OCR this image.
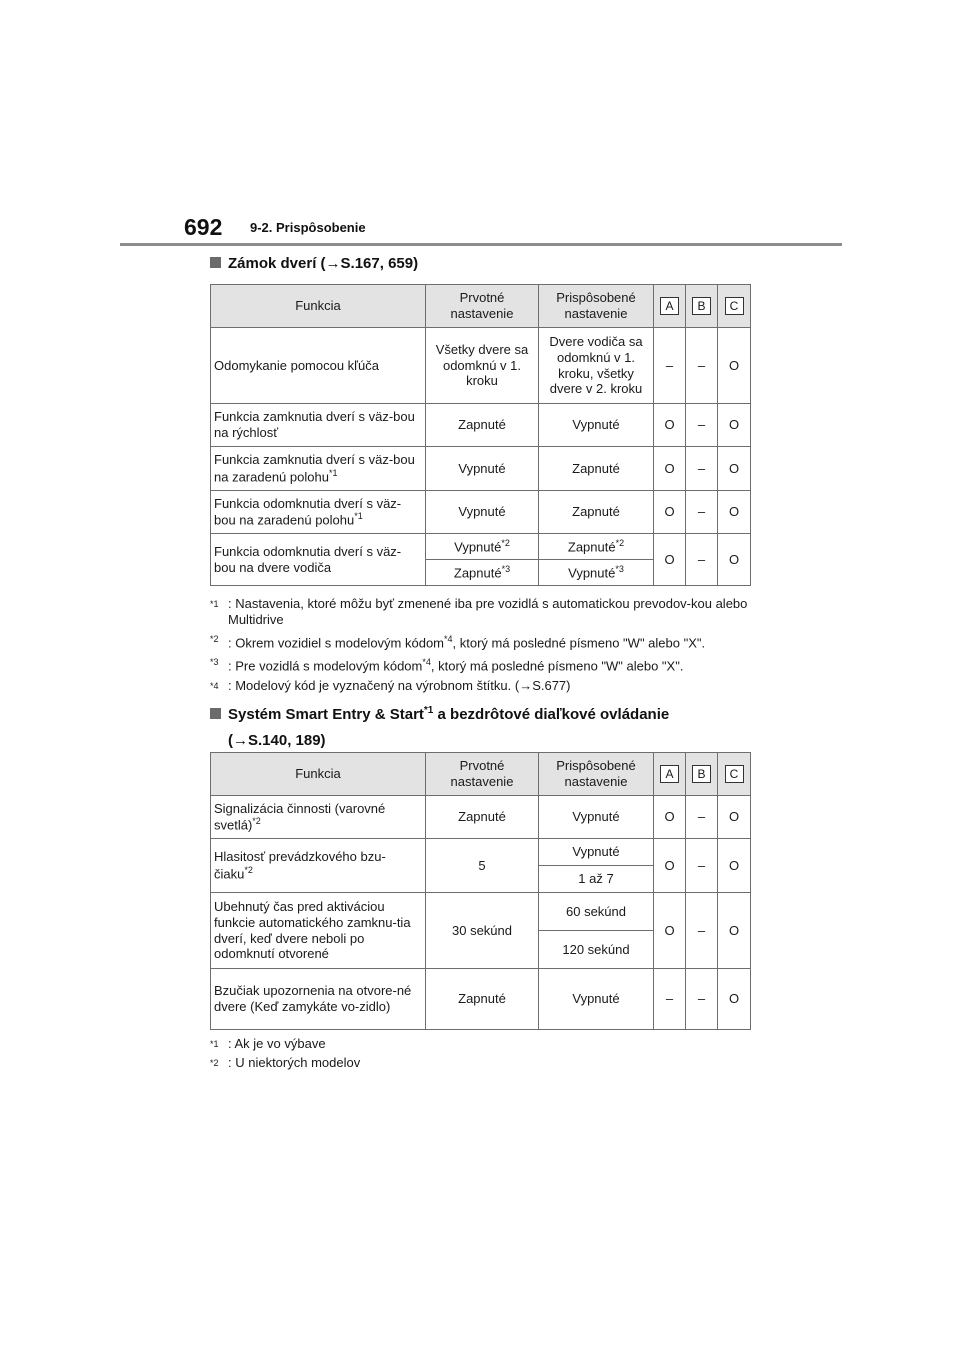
692 9-2. Prispôsobenie
Zámok dverí (→S.167, 659)
Funkcia	Prvotné nastavenie	Prispôsobené nastavenie	A	B	C
Odomykanie pomocou kľúča	Všetky dvere sa odomknú v 1. kroku	Dvere vodiča sa odomknú v 1. kroku, všetky dvere v 2. kroku	–	–	O
Funkcia zamknutia dverí s väz-bou na rýchlosť	Zapnuté	Vypnuté	O	–	O
Funkcia zamknutia dverí s väz-bou na zaradenú polohu$^{*1}$	Vypnuté	Zapnuté	O	–	O
Funkcia odomknutia dverí s väz-bou na zaradenú polohu$^{*1}$	Vypnuté	Zapnuté	O	–	O
Funkcia odomknutia dverí s väz-bou na dvere vodiča	Vypnuté$^{*2}$	Zapnuté$^{*2}$	O	–	O
	Zapnuté$^{*3}$	Vypnuté$^{*3}$
$^{*1}$ : Nastavenia, ktoré môžu byť zmenené iba pre vozidlá s automatickou prevodov-kou alebo Multidrive
$^{*2}$ : Okrem vozidiel s modelovým kódom$^{*4}$, ktorý má posledné písmeno "W" alebo "X".
$^{*3}$ : Pre vozidlá s modelovým kódom$^{*4}$, ktorý má posledné písmeno "W" alebo "X".
$^{*4}$ : Modelový kód je vyznačený na výrobnom štítku. (→S.677)
Systém Smart Entry & Start$^{*1}$ a bezdrôtové diaľkové ovládanie
(→S.140, 189)
Funkcia	Prvotné nastavenie	Prispôsobené nastavenie	A	B	C
Signalizácia činnosti (varovné svetlá)$^{*2}$	Zapnuté	Vypnuté	O	–	O
Hlasitosť prevádzkového bzu-čiaku$^{*2}$	5	Vypnuté	O	–	O
		1 až 7			
Ubehnutý čas pred aktiváciou funkcie automatického zamknu-tia dverí, keď dvere neboli po odomknutí otvorené	30 sekúnd	60 sekúnd	O	–	O
		120 sekúnd			
Bzučiak upozornenia na otvore-né dvere (Keď zamykáte vo-zidlo)	Zapnuté	Vypnuté	–	–	O
$^{*1}$ : Ak je vo výbave
$^{*2}$ : U niektorých modelov
